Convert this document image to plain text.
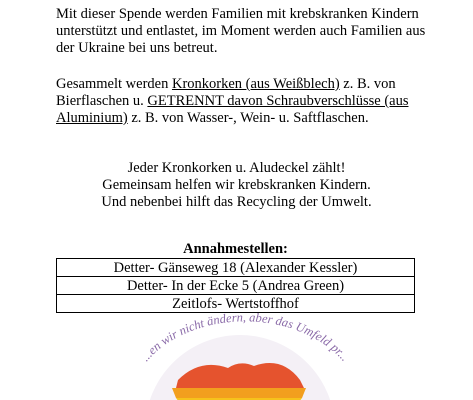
Mit dieser Spende werden Familien mit krebskranken Kindern unterstützt und entlastet, im Moment werden auch Familien aus der Ukraine bei uns betreut.

Gesammelt werden Kronkorken (aus Weißblech) z. B. von Bierflaschen u. GETRENNT davon Schraubverschlüsse (aus Aluminium) z. B. von Wasser-, Wein- u. Saftflaschen.

Jeder Kronkorken u. Aludeckel zählt!
Gemeinsam helfen wir krebskranken Kindern.
Und nebenbei hilft das Recycling der Umwelt.
Annahmestellen:
Detter- Gänseweg 18 (Alexander Kessler)
Detter- In der Ecke 5 (Andrea Green)
Zeitlofs- Wertstoffhof
...en wir nicht ändern, aber das Umfeld pr...
